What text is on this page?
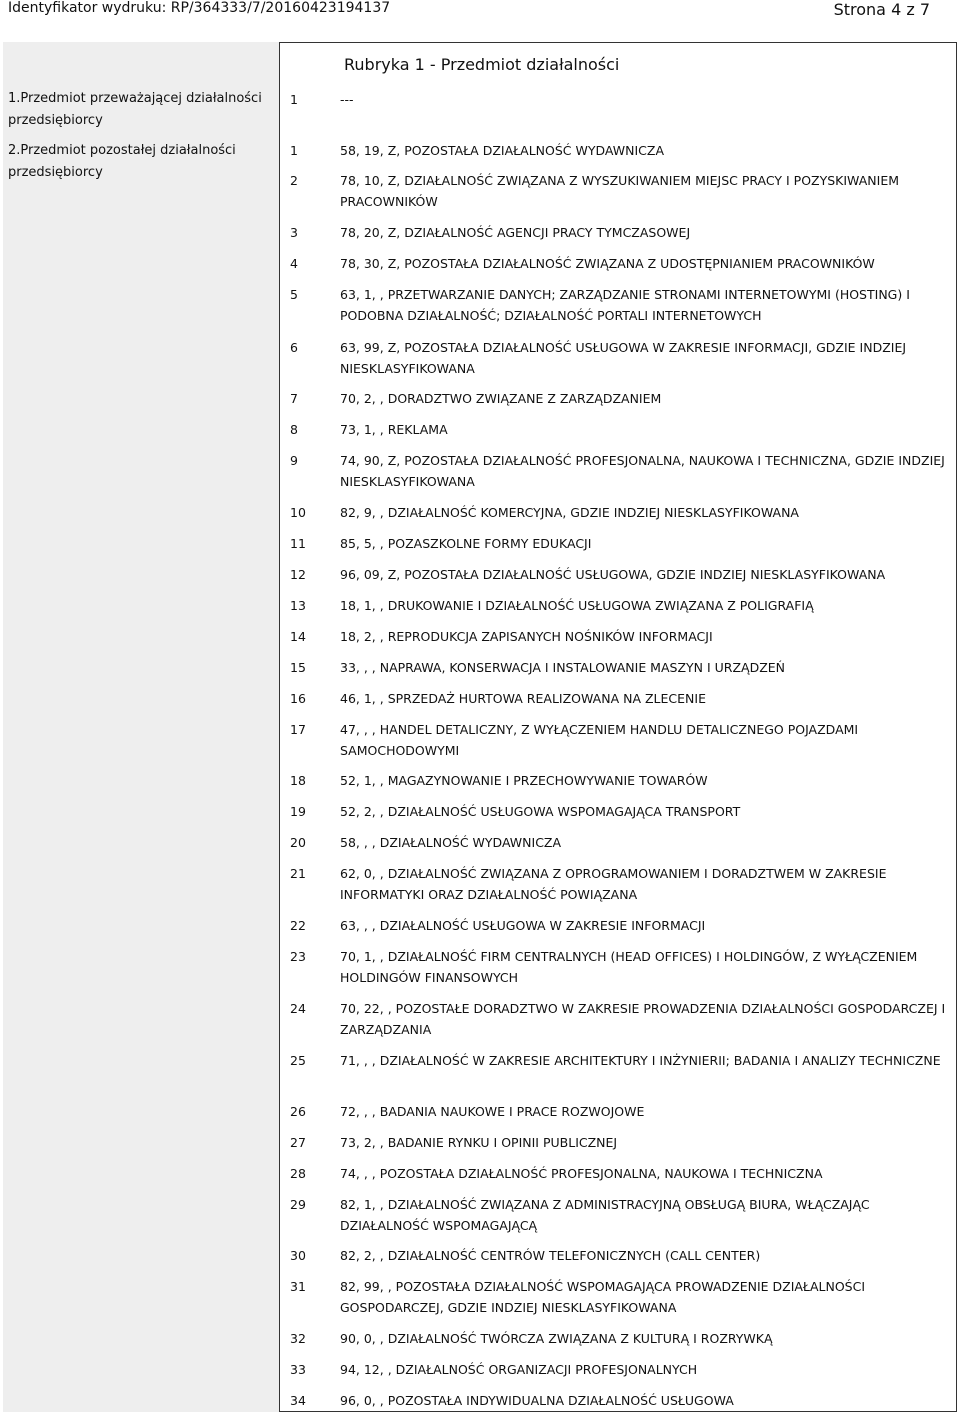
Identyfikator wydruku: RP/364333/7/20160423194137	Strona 4 z 7
Rubryka 1 - Przedmiot działalności
1.Przedmiot przeważającej działalności przedsiębiorcy
2.Przedmiot pozostałej działalności przedsiębiorcy
1	---
1	58, 19, Z, POZOSTAŁA DZIAŁALNOŚĆ WYDAWNICZA
2	78, 10, Z, DZIAŁALNOŚĆ ZWIĄZANA Z WYSZUKIWANIEM MIEJSC PRACY I POZYSKIWANIEM PRACOWNIKÓW
3	78, 20, Z, DZIAŁALNOŚĆ AGENCJI PRACY TYMCZASOWEJ
4	78, 30, Z, POZOSTAŁA DZIAŁALNOŚĆ ZWIĄZANA Z UDOSTĘPNIANIEM PRACOWNIKÓW
5	63, 1, , PRZETWARZANIE DANYCH; ZARZĄDZANIE STRONAMI INTERNETOWYMI (HOSTING) I PODOBNA DZIAŁALNOŚĆ; DZIAŁALNOŚĆ PORTALI INTERNETOWYCH
6	63, 99, Z, POZOSTAŁA DZIAŁALNOŚĆ USŁUGOWA W ZAKRESIE INFORMACJI, GDZIE INDZIEJ NIESKLASYFIKOWANA
7	70, 2, , DORADZTWO ZWIĄZANE Z ZARZĄDZANIEM
8	73, 1, , REKLAMA
9	74, 90, Z, POZOSTAŁA DZIAŁALNOŚĆ PROFESJONALNA, NAUKOWA I TECHNICZNA, GDZIE INDZIEJ NIESKLASYFIKOWANA
10	82, 9, , DZIAŁALNOŚĆ KOMERCYJNA, GDZIE INDZIEJ NIESKLASYFIKOWANA
11	85, 5, , POZASZKOLNE FORMY EDUKACJI
12	96, 09, Z, POZOSTAŁA DZIAŁALNOŚĆ USŁUGOWA, GDZIE INDZIEJ NIESKLASYFIKOWANA
13	18, 1, , DRUKOWANIE I DZIAŁALNOŚĆ USŁUGOWA ZWIĄZANA Z POLIGRAFIĄ
14	18, 2, , REPRODUKCJA ZAPISANYCH NOŚNIKÓW INFORMACJI
15	33, , , NAPRAWA, KONSERWACJA I INSTALOWANIE MASZYN I URZĄDZEŃ
16	46, 1, , SPRZEDAŻ HURTOWA REALIZOWANA NA ZLECENIE
17	47, , , HANDEL DETALICZNY, Z WYŁĄCZENIEM HANDLU DETALICZNEGO POJAZDAMI SAMOCHODOWYMI
18	52, 1, , MAGAZYNOWANIE I PRZECHOWYWANIE TOWARÓW
19	52, 2, , DZIAŁALNOŚĆ USŁUGOWA WSPOMAGAJĄCA TRANSPORT
20	58, , , DZIAŁALNOŚĆ WYDAWNICZA
21	62, 0, , DZIAŁALNOŚĆ ZWIĄZANA Z OPROGRAMOWANIEM I DORADZTWEM W ZAKRESIE INFORMATYKI ORAZ DZIAŁALNOŚĆ POWIĄZANA
22	63, , , DZIAŁALNOŚĆ USŁUGOWA W ZAKRESIE INFORMACJI
23	70, 1, , DZIAŁALNOŚĆ FIRM CENTRALNYCH (HEAD OFFICES) I HOLDINGÓW, Z WYŁĄCZENIEM HOLDINGÓW FINANSOWYCH
24	70, 22, , POZOSTAŁE DORADZTWO W ZAKRESIE PROWADZENIA DZIAŁALNOŚCI GOSPODARCZEJ I ZARZĄDZANIA
25	71, , , DZIAŁALNOŚĆ W ZAKRESIE ARCHITEKTURY I INŻYNIERII; BADANIA I ANALIZY TECHNICZNE
26	72, , , BADANIA NAUKOWE I PRACE ROZWOJOWE
27	73, 2, , BADANIE RYNKU I OPINII PUBLICZNEJ
28	74, , , POZOSTAŁA DZIAŁALNOŚĆ PROFESJONALNA, NAUKOWA I TECHNICZNA
29	82, 1, , DZIAŁALNOŚĆ ZWIĄZANA Z ADMINISTRACYJNĄ OBSŁUGĄ BIURA, WŁĄCZAJĄC DZIAŁALNOŚĆ WSPOMAGAJĄCĄ
30	82, 2, , DZIAŁALNOŚĆ CENTRÓW TELEFONICZNYCH (CALL CENTER)
31	82, 99, , POZOSTAŁA DZIAŁALNOŚĆ WSPOMAGAJĄCA PROWADZENIE DZIAŁALNOŚCI GOSPODARCZEJ, GDZIE INDZIEJ NIESKLASYFIKOWANA
32	90, 0, , DZIAŁALNOŚĆ TWÓRCZA ZWIĄZANA Z KULTURĄ I ROZRYWKĄ
33	94, 12, , DZIAŁALNOŚĆ ORGANIZACJI PROFESJONALNYCH
34	96, 0, , POZOSTAŁA INDYWIDUALNA DZIAŁALNOŚĆ USŁUGOWA
